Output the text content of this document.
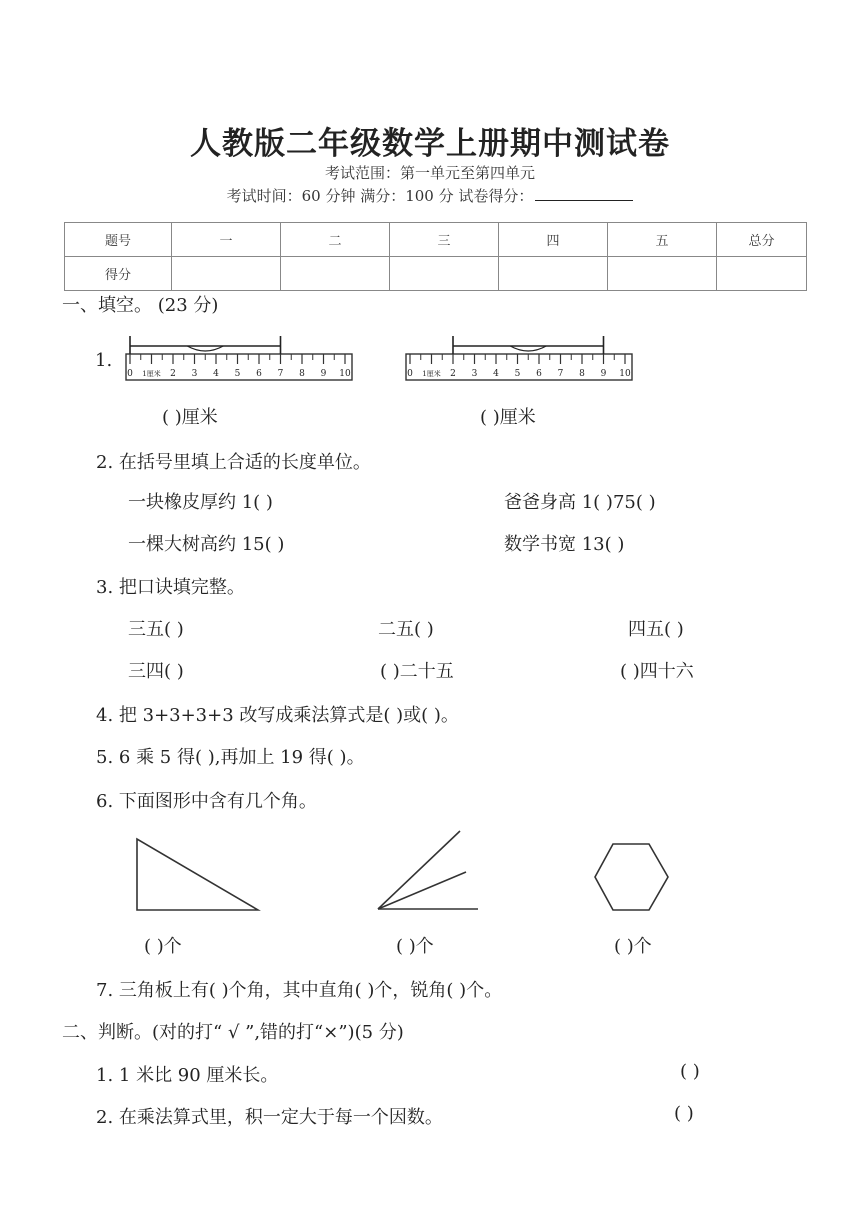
人教版二年级数学上册期中测试卷
考试范围：第一单元至第四单元
考试时间：60 分钟 满分：100 分 试卷得分：
题号	一	二	三	四	五	总分
得分						
一、填空。 (23 分)
1.
0 1厘米 2 3 4 5 6 7 8 9 10	0 1厘米 2 3 4 5 6 7 8 9 10
( )厘米	( )厘米
2. 在括号里填上合适的长度单位。
一块橡皮厚约 1( )	爸爸身高 1( )75( )
一棵大树高约 15( )	数学书宽 13( )
3. 把口诀填完整。
三五( )	二五( )	四五( )
三四( )	( )二十五	( )四十六
4. 把 3+3+3+3 改写成乘法算式是( )或( )。
5. 6 乘 5 得( ),再加上 19 得( )。
6. 下面图形中含有几个角。
( )个	( )个	( )个
7. 三角板上有( )个角，其中直角( )个，锐角( )个。
二、判断。(对的打“ √ ”,错的打“×”)(5 分)
1. 1 米比 90 厘米长。	( )
2. 在乘法算式里，积一定大于每一个因数。	( )
